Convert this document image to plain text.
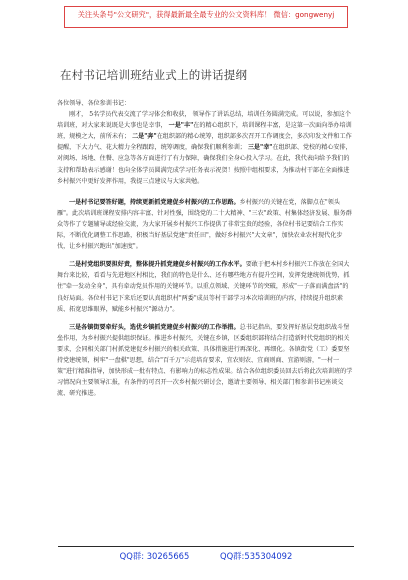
关注头条号"公文研究"，获得最新最全最专业的公文资料库！ 微信：gongwenyj
在村书记培训班结业式上的讲话提纲

各位领导、各位参训书记：

刚才， 5名学员代表交流了学习体会和收获， 领导作了讲话总结，培训任务圆满完成。可以说，参加这个培训班，对大家来说既是大事也是幸事， 一是"丰"在的精心组织下，培训课程丰富，是这第一次面向举办培训班，规模之大，前所未有； 二是"奔"在组织部的精心统筹，组织部多次召开工作调度会，多次印发文件和工作提醒，下大力气、花大精力全程跟踪，统筹调度，确保我们顺利参训； 三是"幸"在组织部、党校的精心安排，对阀场、场地、住餐、应急等各方面进行了有力保障，确保我们全身心投入学习。在此，我代表向给予我们的支持和帮助表示感谢！也向全体学员圆满完成学习任务表示祝贺！按照中组相要求，为推动村干部在全面推进乡村振兴中更好发挥作用，我提三点建议与大家共勉。

一是村书记要答好题，持续更新抓党建促乡村振兴的工作思路。乡村振兴的关键在党，落脚点在"领头雁"。此次培训班课程安排内容丰富、针对性强，围绕党的二十大精神、"三农"政策、村集体经济发展、服务群众等作了专题辅导或经验交流，为大家开展乡村振兴工作提供了非常宝贵的经验，各位村书记要结合工作实际，不断优化调整工作思路，积极当好基层党建"责任田"，做好乡村振兴"大文章"，加快农业农村现代化步伐，让乡村振兴跑出"加速度"。

二是村党组织要担好责，整体提升抓党建促乡村振兴的工作水平。要敢于把本村乡村振兴工作放在全国大舞台来比较，看看与先进地区村相比，我们的特色是什么、还有哪些地方有提升空间，发挥党建统领优势，抓住"牵一发动全身"，具有牵动党员作用的关键环节。以重点领域、关键环节的突破，形成"一子落而满盘活"的良好局面。各位村书记下来后还要认真组织村"两委"成员等村干部学习本次培训班的内容，持续提升组织素质、拓宽思维眼界，赋能乡村振兴"源动力"。

三是各镇街要牵好头，选优乡镇抓党建促乡村振兴的工作举措。总书记指出，要发挥好基层党组织战斗堡垒作用，为乡村振兴提供组织保证。推进乡村振兴，关键在乡镇，区委组织部将结合打造新时代党组织的相关要求，会同相关部门村抓党建促乡村振兴的相关政策、具体措施进行再深化、再细化。各镇街党（工）委要坚持党建统领，树牢"一盘棋"思想，结合"百千万"示范培育要求，宜农则农、宜商则商、宜游则游，"一村一策"进行精准指导，加快形成一批有特点、有影响力的标志性成果。结合各位组织委员回去后将此次培训班的学习情况向主要领导汇报，有条件的可召开一次乡村振兴研讨会，邀请主要领导、相关部门和参训书记座谈交流、研究推进。

QQ群: 30265665	QQ群:535304092
